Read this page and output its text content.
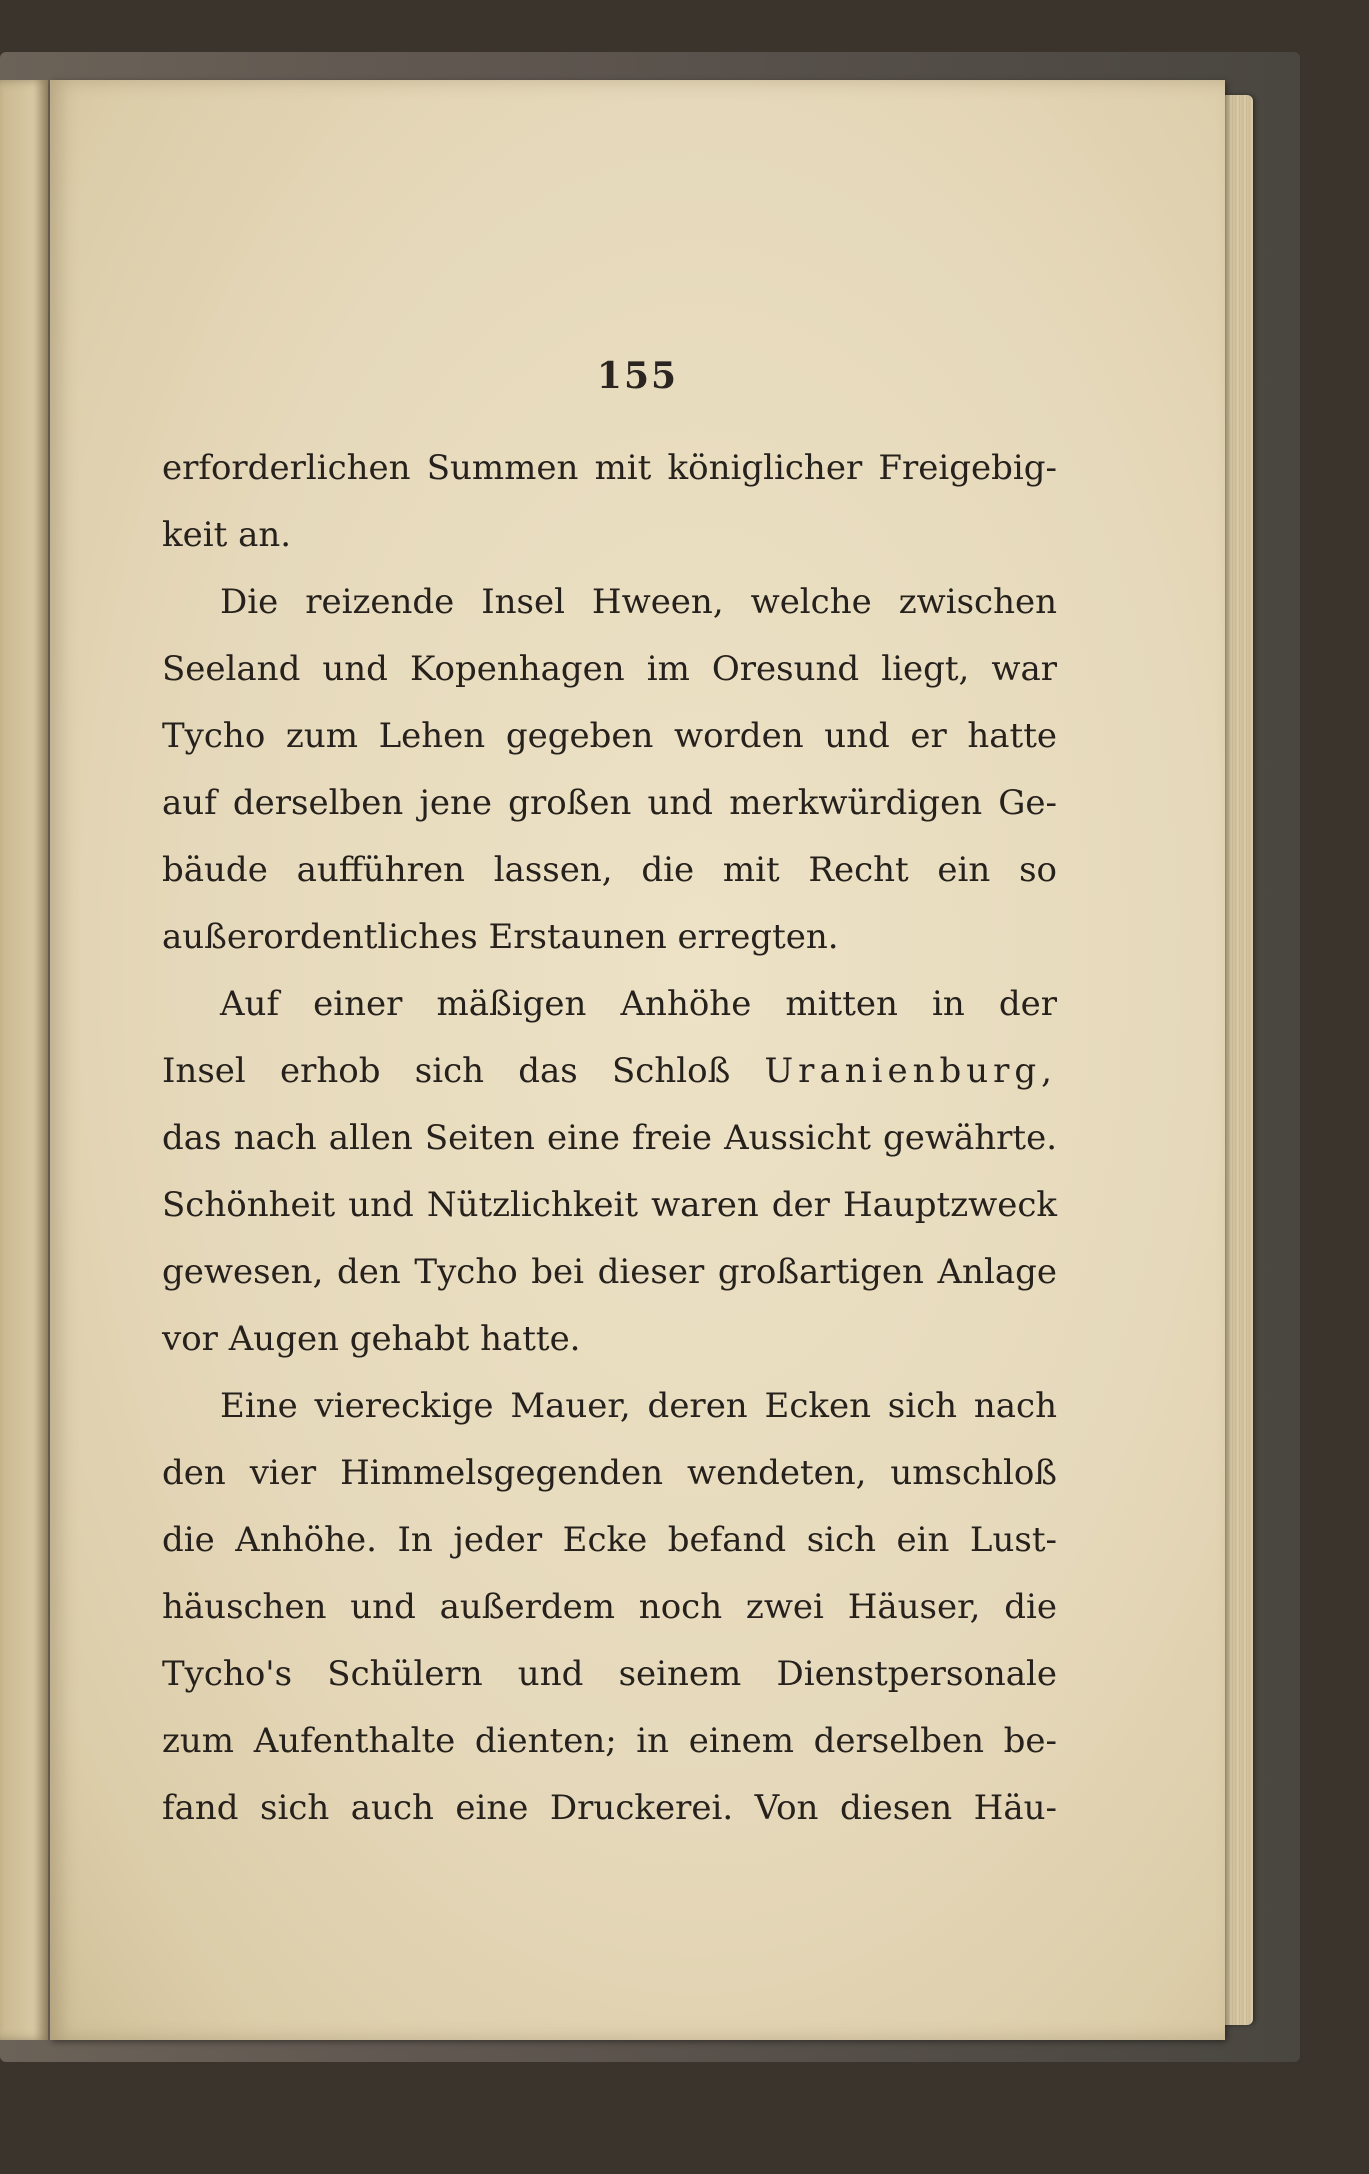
155
erforderlichen Summen mit königlicher Freigebig-
keit an.
Die reizende Insel Hween, welche zwischen
Seeland und Kopenhagen im Oresund liegt, war
Tycho zum Lehen gegeben worden und er hatte
auf derselben jene großen und merkwürdigen Ge-
bäude aufführen lassen, die mit Recht ein so
außerordentliches Erstaunen erregten.
Auf einer mäßigen Anhöhe mitten in der
Insel erhob sich das Schloß Uranienburg,
das nach allen Seiten eine freie Aussicht gewährte.
Schönheit und Nützlichkeit waren der Hauptzweck
gewesen, den Tycho bei dieser großartigen Anlage
vor Augen gehabt hatte.
Eine viereckige Mauer, deren Ecken sich nach
den vier Himmelsgegenden wendeten, umschloß
die Anhöhe. In jeder Ecke befand sich ein Lust-
häuschen und außerdem noch zwei Häuser, die
Tycho's Schülern und seinem Dienstpersonale
zum Aufenthalte dienten; in einem derselben be-
fand sich auch eine Druckerei. Von diesen Häu-
